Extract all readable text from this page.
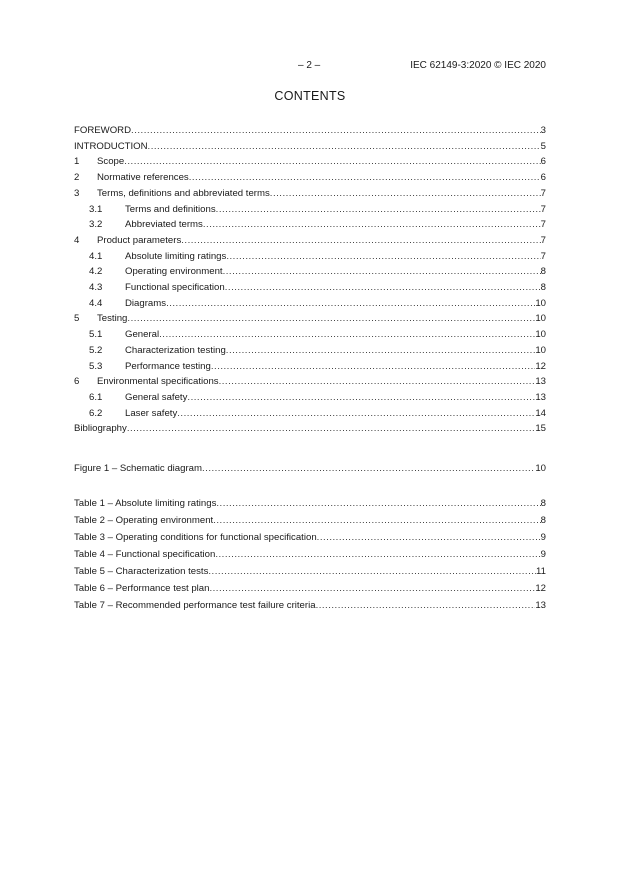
– 2 –	IEC 62149-3:2020 © IEC 2020
CONTENTS
FOREWORD .....	3
INTRODUCTION .....	5
1 Scope .....	6
2 Normative references .....	6
3 Terms, definitions and abbreviated terms .....	7
3.1 Terms and definitions .....	7
3.2 Abbreviated terms .....	7
4 Product parameters .....	7
4.1 Absolute limiting ratings .....	7
4.2 Operating environment .....	8
4.3 Functional specification .....	8
4.4 Diagrams .....	10
5 Testing .....	10
5.1 General .....	10
5.2 Characterization testing .....	10
5.3 Performance testing .....	12
6 Environmental specifications .....	13
6.1 General safety .....	13
6.2 Laser safety .....	14
Bibliography .....	15
Figure 1 – Schematic diagram .....	10
Table 1 – Absolute limiting ratings .....	8
Table 2 – Operating environment .....	8
Table 3 – Operating conditions for functional specification .....	9
Table 4 – Functional specification .....	9
Table 5 – Characterization tests .....	11
Table 6 – Performance test plan .....	12
Table 7 – Recommended performance test failure criteria .....	13
